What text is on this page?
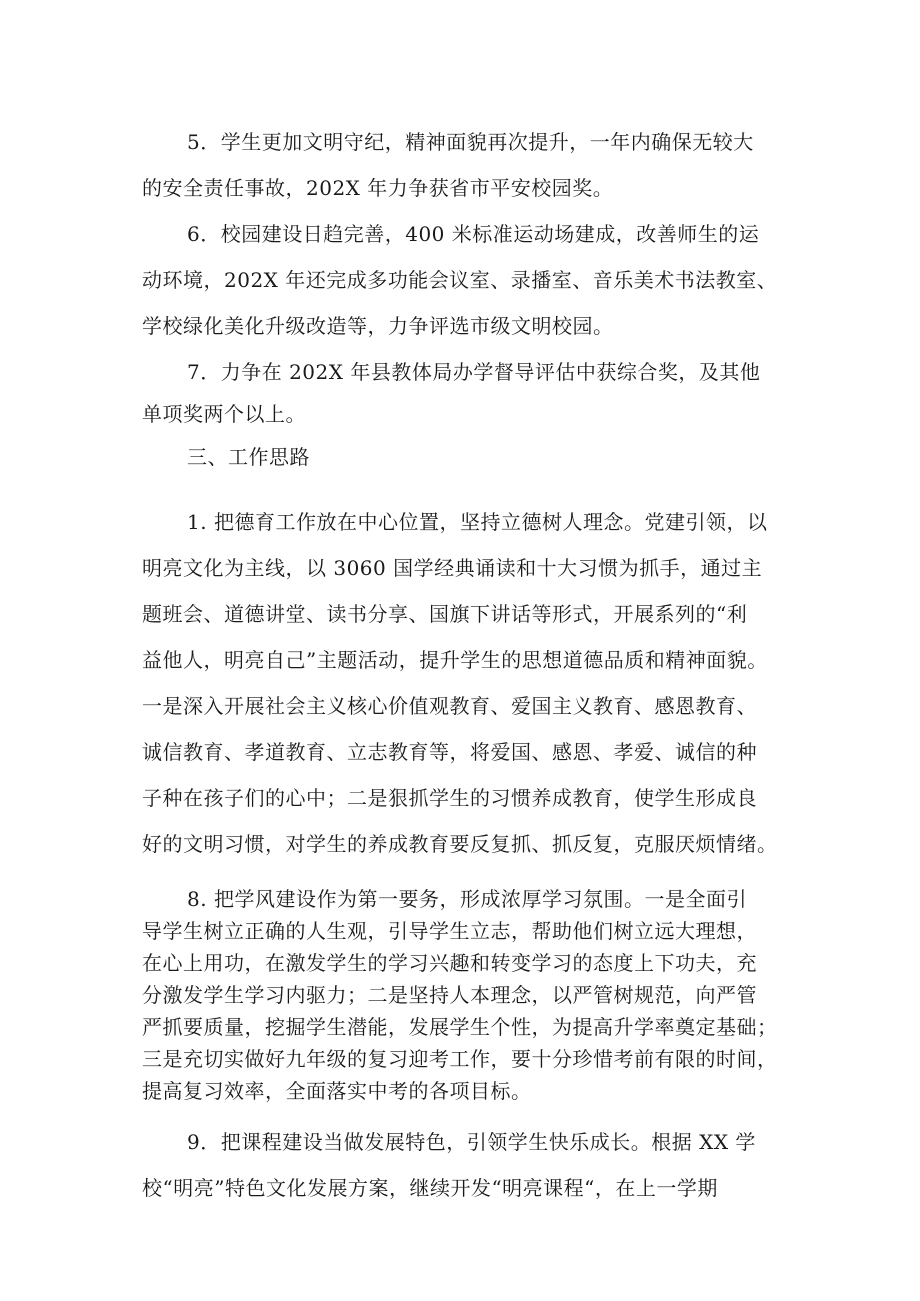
5．学生更加文明守纪，精神面貌再次提升，一年内确保无较大
的安全责任事故，202X 年力争获省市平安校园奖。
6．校园建设日趋完善，400 米标准运动场建成，改善师生的运
动环境，202X 年还完成多功能会议室、录播室、音乐美术书法教室、
学校绿化美化升级改造等，力争评选市级文明校园。
7．力争在 202X 年县教体局办学督导评估中获综合奖，及其他
单项奖两个以上。
三、工作思路
1. 把德育工作放在中心位置，坚持立德树人理念。党建引领，以
明亮文化为主线，以 3060 国学经典诵读和十大习惯为抓手，通过主
题班会、道德讲堂、读书分享、国旗下讲话等形式，开展系列的“利
益他人，明亮自己”主题活动，提升学生的思想道德品质和精神面貌。
一是深入开展社会主义核心价值观教育、爱国主义教育、感恩教育、
诚信教育、孝道教育、立志教育等，将爱国、感恩、孝爱、诚信的种
子种在孩子们的心中；二是狠抓学生的习惯养成教育，使学生形成良
好的文明习惯，对学生的养成教育要反复抓、抓反复，克服厌烦情绪。
8. 把学风建设作为第一要务，形成浓厚学习氛围。一是全面引
导学生树立正确的人生观，引导学生立志，帮助他们树立远大理想，
在心上用功，在激发学生的学习兴趣和转变学习的态度上下功夫，充
分激发学生学习内驱力；二是坚持人本理念，以严管树规范，向严管
严抓要质量，挖掘学生潜能，发展学生个性，为提高升学率奠定基础；
三是充切实做好九年级的复习迎考工作，要十分珍惜考前有限的时间，
提高复习效率，全面落实中考的各项目标。
9．把课程建设当做发展特色，引领学生快乐成长。根据 XX 学
校“明亮”特色文化发展方案，继续开发“明亮课程“，在上一学期
